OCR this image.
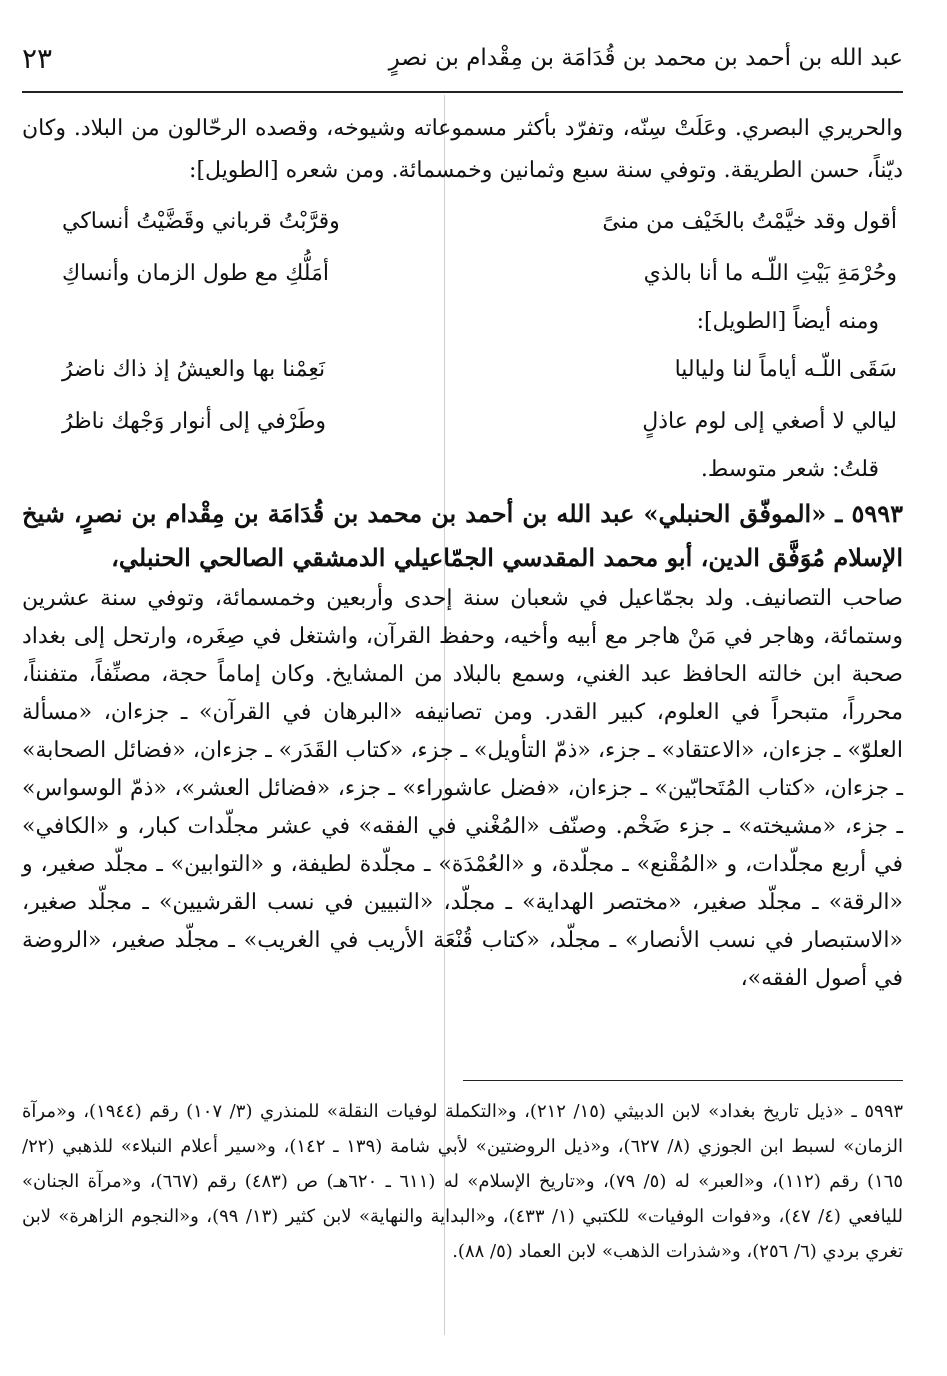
عبد الله بن أحمد بن محمد بن قُدَامَة بن مِقْدام بن نصرٍ
٢٣

والحريري البصري. وعَلَتْ سِنّه، وتفرّد بأكثر مسموعاته وشيوخه، وقصده الرحّالون من البلاد. وكان ديّناً، حسن الطريقة. وتوفي سنة سبع وثمانين وخمسمائة. ومن شعره [الطويل]:

أقول وقد خيَّمْتُ بالخَيْف من منىً
وقرَّبْتُ قرباني وقَضَّيْتُ أنساكي
وحُرْمَةِ بَيْتِ اللّـه ما أنا بالذي
أمَلُّكِ مع طول الزمان وأنساكِ

ومنه أيضاً [الطويل]:

سَقَى اللّـه أياماً لنا ولياليا
نَعِمْنا بها والعيشُ إذ ذاك ناضرُ
ليالي لا أصغي إلى لوم عاذلٍ
وطَرْفي إلى أنوار وَجْهك ناظرُ

قلتُ: شعر متوسط.

٥٩٩٣ ـ «الموفّق الحنبلي» عبد الله بن أحمد بن محمد بن قُدَامَة بن مِقْدام بن نصرٍ، شيخ الإسلام مُوَفَّق الدين، أبو محمد المقدسي الجمّاعيلي الدمشقي الصالحي الحنبلي،

صاحب التصانيف. ولد بجمّاعيل في شعبان سنة إحدى وأربعين وخمسمائة، وتوفي سنة عشرين وستمائة، وهاجر في مَنْ هاجر مع أبيه وأخيه، وحفظ القرآن، واشتغل في صِغَره، وارتحل إلى بغداد صحبة ابن خالته الحافظ عبد الغني، وسمع بالبلاد من المشايخ. وكان إماماً حجة، مصنِّفاً، متفنناً، محرراً، متبحراً في العلوم، كبير القدر. ومن تصانيفه «البرهان في القرآن» ـ جزءان، «مسألة العلوّ» ـ جزءان، «الاعتقاد» ـ جزء، «ذمّ التأويل» ـ جزء، «كتاب القَدَر» ـ جزءان، «فضائل الصحابة» ـ جزءان، «كتاب المُتَحابّين» ـ جزءان، «فضل عاشوراء» ـ جزء، «فضائل العشر»، «ذمّ الوسواس» ـ جزء، «مشيخته» ـ جزء ضَخْم. وصنّف «المُغْني في الفقه» في عشر مجلّدات كبار، و «الكافي» في أربع مجلّدات، و «المُقْنع» ـ مجلّدة، و «العُمْدَة» ـ مجلّدة لطيفة، و «التوابين» ـ مجلّد صغير، و «الرقة» ـ مجلّد صغير، «مختصر الهداية» ـ مجلّد، «التبيين في نسب القرشيين» ـ مجلّد صغير، «الاستبصار في نسب الأنصار» ـ مجلّد، «كتاب قُنْعَة الأريب في الغريب» ـ مجلّد صغير، «الروضة في أصول الفقه»،

٥٩٩٣ ـ «ذيل تاريخ بغداد» لابن الدبيثي (١٥/ ٢١٢)، و«التكملة لوفيات النقلة» للمنذري (٣/ ١٠٧) رقم (١٩٤٤)، و«مرآة الزمان» لسبط ابن الجوزي (٨/ ٦٢٧)، و«ذيل الروضتين» لأبي شامة (١٣٩ ـ ١٤٢)، و«سير أعلام النبلاء» للذهبي (٢٢/ ١٦٥) رقم (١١٢)، و«العبر» له (٥/ ٧٩)، و«تاريخ الإسلام» له (٦١١ ـ ٦٢٠هـ) ص (٤٨٣) رقم (٦٦٧)، و«مرآة الجنان» لليافعي (٤/ ٤٧)، و«فوات الوفيات» للكتبي (١/ ٤٣٣)، و«البداية والنهاية» لابن كثير (١٣/ ٩٩)، و«النجوم الزاهرة» لابن تغري بردي (٦/ ٢٥٦)، و«شذرات الذهب» لابن العماد (٥/ ٨٨).
